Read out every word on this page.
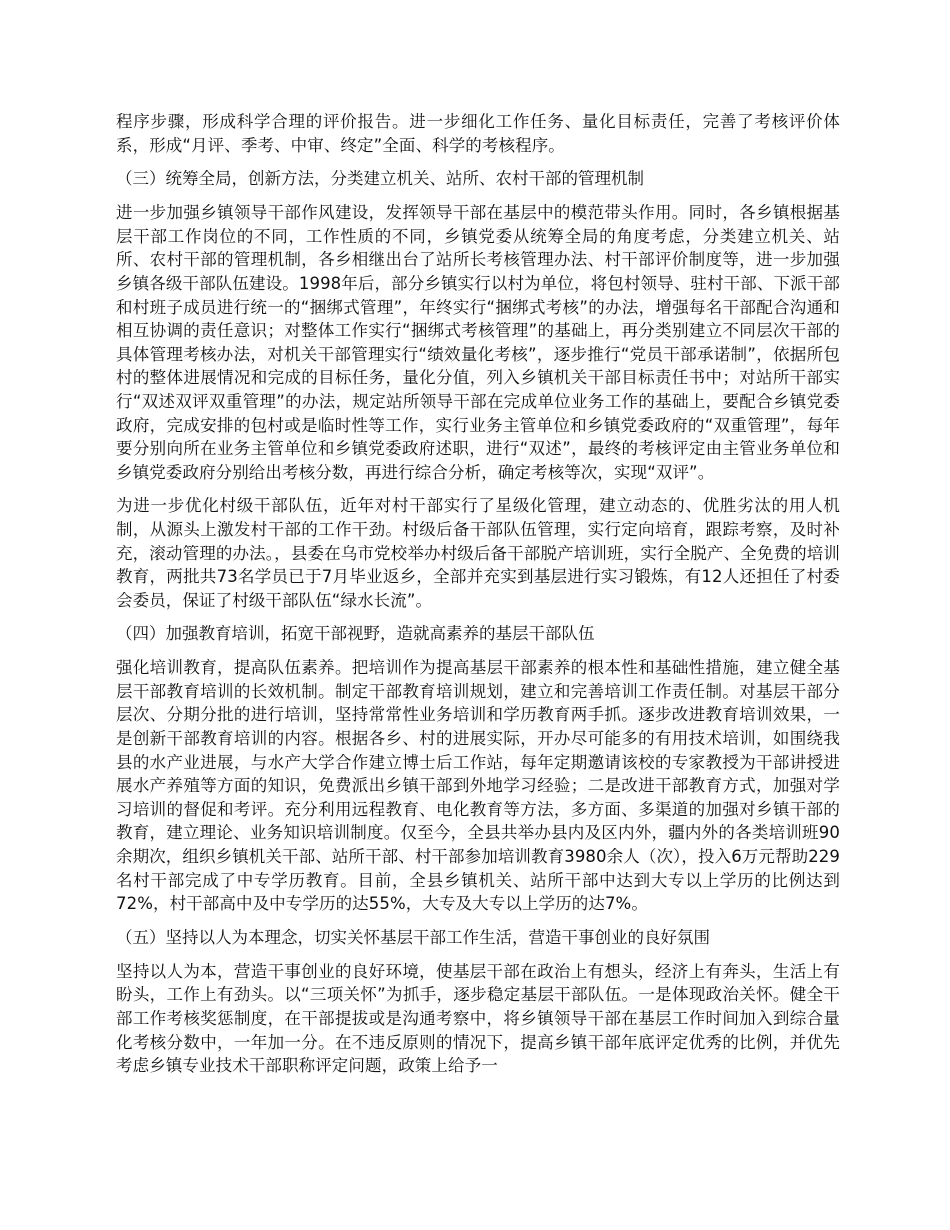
程序步骤，形成科学合理的评价报告。进一步细化工作任务、量化目标责任，完善了考核评价体系，形成“月评、季考、中审、终定”全面、科学的考核程序。

（三）统筹全局，创新方法，分类建立机关、站所、农村干部的管理机制

进一步加强乡镇领导干部作风建设，发挥领导干部在基层中的模范带头作用。同时，各乡镇根据基层干部工作岗位的不同，工作性质的不同，乡镇党委从统筹全局的角度考虑，分类建立机关、站所、农村干部的管理机制，各乡相继出台了站所长考核管理办法、村干部评价制度等，进一步加强乡镇各级干部队伍建设。1998年后，部分乡镇实行以村为单位，将包村领导、驻村干部、下派干部和村班子成员进行统一的“捆绑式管理”，年终实行“捆绑式考核”的办法，增强每名干部配合沟通和相互协调的责任意识；对整体工作实行“捆绑式考核管理”的基础上，再分类别建立不同层次干部的具体管理考核办法，对机关干部管理实行“绩效量化考核”，逐步推行“党员干部承诺制”，依据所包村的整体进展情况和完成的目标任务，量化分值，列入乡镇机关干部目标责任书中；对站所干部实行“双述双评双重管理”的办法，规定站所领导干部在完成单位业务工作的基础上，要配合乡镇党委政府，完成安排的包村或是临时性等工作，实行业务主管单位和乡镇党委政府的“双重管理”，每年要分别向所在业务主管单位和乡镇党委政府述职，进行“双述”，最终的考核评定由主管业务单位和乡镇党委政府分别给出考核分数，再进行综合分析，确定考核等次，实现“双评”。

为进一步优化村级干部队伍，近年对村干部实行了星级化管理，建立动态的、优胜劣汰的用人机制，从源头上激发村干部的工作干劲。村级后备干部队伍管理，实行定向培育，跟踪考察，及时补充，滚动管理的办法。，县委在乌市党校举办村级后备干部脱产培训班，实行全脱产、全免费的培训教育，两批共73名学员已于7月毕业返乡，全部并充实到基层进行实习锻炼，有12人还担任了村委会委员，保证了村级干部队伍“绿水长流”。

（四）加强教育培训，拓宽干部视野，造就高素养的基层干部队伍

强化培训教育，提高队伍素养。把培训作为提高基层干部素养的根本性和基础性措施，建立健全基层干部教育培训的长效机制。制定干部教育培训规划，建立和完善培训工作责任制。对基层干部分层次、分期分批的进行培训，坚持常常性业务培训和学历教育两手抓。逐步改进教育培训效果，一是创新干部教育培训的内容。根据各乡、村的进展实际，开办尽可能多的有用技术培训，如围绕我县的水产业进展，与水产大学合作建立博士后工作站，每年定期邀请该校的专家教授为干部讲授进展水产养殖等方面的知识，免费派出乡镇干部到外地学习经验；二是改进干部教育方式，加强对学习培训的督促和考评。充分利用远程教育、电化教育等方法，多方面、多渠道的加强对乡镇干部的教育，建立理论、业务知识培训制度。仅至今，全县共举办县内及区内外，疆内外的各类培训班90余期次，组织乡镇机关干部、站所干部、村干部参加培训教育3980余人（次），投入6万元帮助229名村干部完成了中专学历教育。目前，全县乡镇机关、站所干部中达到大专以上学历的比例达到72%，村干部高中及中专学历的达55%，大专及大专以上学历的达7%。

（五）坚持以人为本理念，切实关怀基层干部工作生活，营造干事创业的良好氛围

坚持以人为本，营造干事创业的良好环境，使基层干部在政治上有想头，经济上有奔头，生活上有盼头，工作上有劲头。以“三项关怀”为抓手，逐步稳定基层干部队伍。一是体现政治关怀。健全干部工作考核奖惩制度，在干部提拔或是沟通考察中，将乡镇领导干部在基层工作时间加入到综合量化考核分数中，一年加一分。在不违反原则的情况下，提高乡镇干部年底评定优秀的比例，并优先考虑乡镇专业技术干部职称评定问题，政策上给予一
